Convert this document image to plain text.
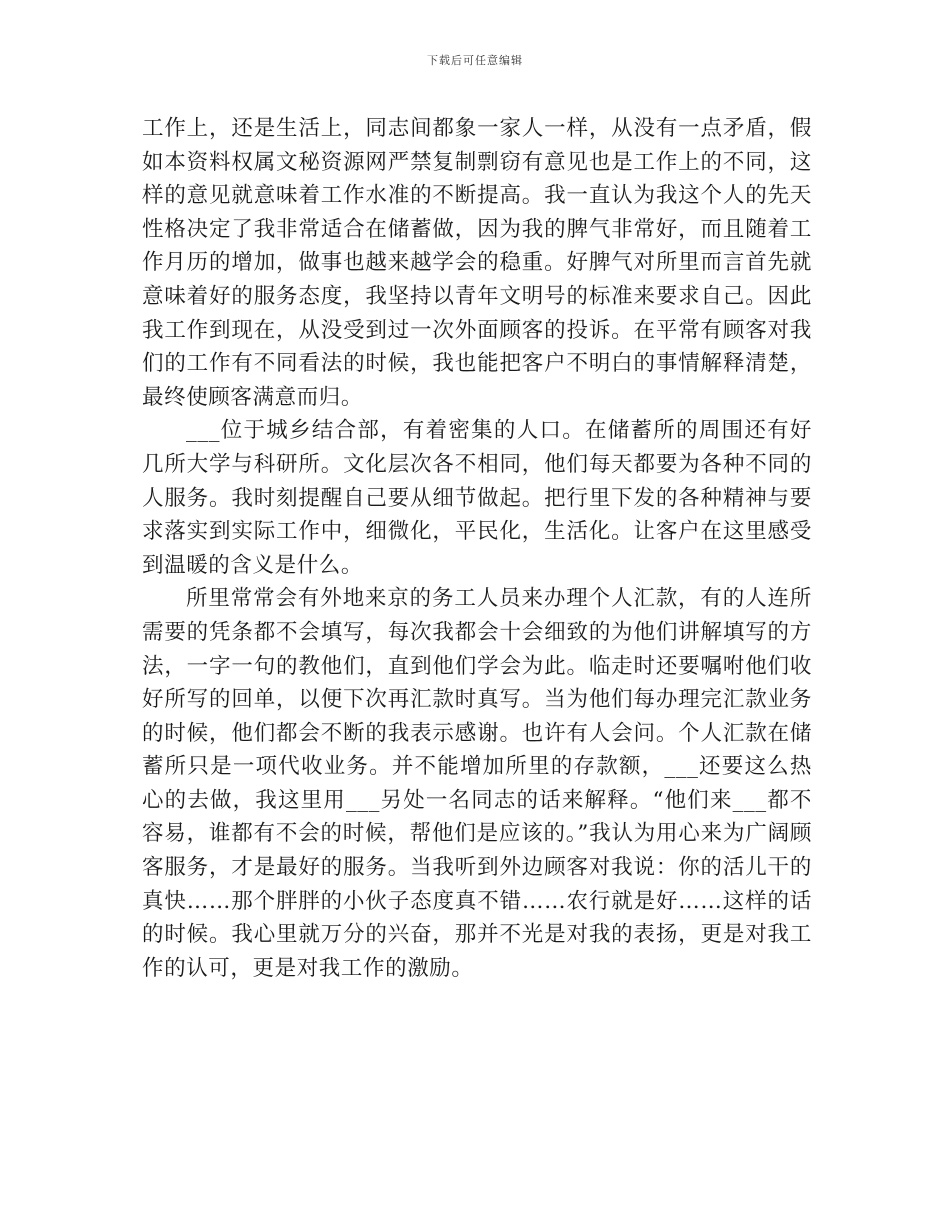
下载后可任意编辑

工作上，还是生活上，同志间都象一家人一样，从没有一点矛盾，假如本资料权属文秘资源网严禁复制剽窃有意见也是工作上的不同，这样的意见就意味着工作水准的不断提高。我一直认为我这个人的先天性格决定了我非常适合在储蓄做，因为我的脾气非常好，而且随着工作月历的增加，做事也越来越学会的稳重。好脾气对所里而言首先就意味着好的服务态度，我坚持以青年文明号的标准来要求自己。因此我工作到现在，从没受到过一次外面顾客的投诉。在平常有顾客对我们的工作有不同看法的时候，我也能把客户不明白的事情解释清楚，最终使顾客满意而归。

___位于城乡结合部，有着密集的人口。在储蓄所的周围还有好几所大学与科研所。文化层次各不相同，他们每天都要为各种不同的人服务。我时刻提醒自己要从细节做起。把行里下发的各种精神与要求落实到实际工作中，细微化，平民化，生活化。让客户在这里感受到温暖的含义是什么。

所里常常会有外地来京的务工人员来办理个人汇款，有的人连所需要的凭条都不会填写，每次我都会十会细致的为他们讲解填写的方法，一字一句的教他们，直到他们学会为此。临走时还要嘱咐他们收好所写的回单，以便下次再汇款时真写。当为他们每办理完汇款业务的时候，他们都会不断的我表示感谢。也许有人会问。个人汇款在储蓄所只是一项代收业务。并不能增加所里的存款额，___还要这么热心的去做，我这里用___另处一名同志的话来解释。“他们来___都不容易，谁都有不会的时候，帮他们是应该的。”我认为用心来为广阔顾客服务，才是最好的服务。当我听到外边顾客对我说：你的活儿干的真快……那个胖胖的小伙子态度真不错……农行就是好……这样的话的时候。我心里就万分的兴奋，那并不光是对我的表扬，更是对我工作的认可，更是对我工作的激励。
